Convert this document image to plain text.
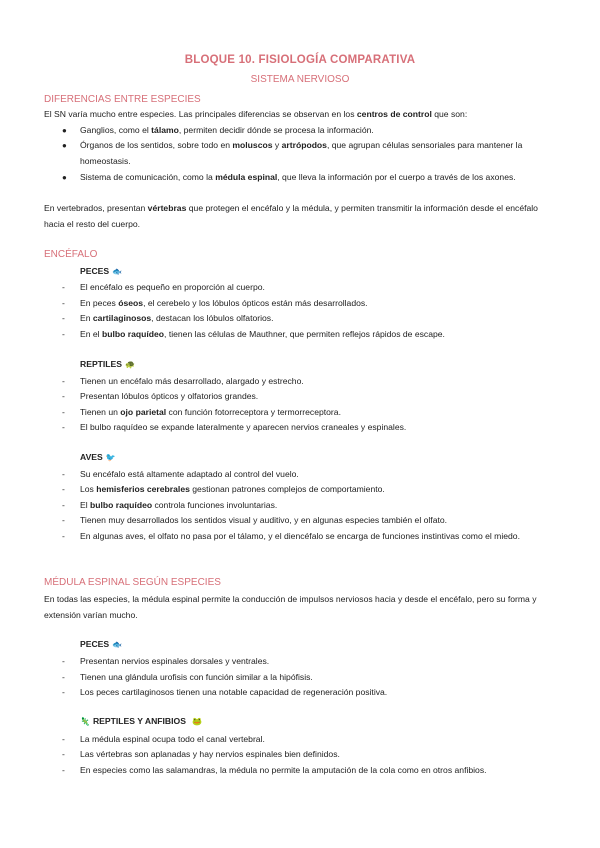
BLOQUE 10. FISIOLOGÍA COMPARATIVA
SISTEMA NERVIOSO
DIFERENCIAS ENTRE ESPECIES
El SN varía mucho entre especies. Las principales diferencias se observan en los centros de control que son:
● Ganglios, como el tálamo, permiten decidir dónde se procesa la información.
● Órganos de los sentidos, sobre todo en moluscos y artrópodos, que agrupan células sensoriales para mantener la homeostasis.
● Sistema de comunicación, como la médula espinal, que lleva la información por el cuerpo a través de los axones.
En vertebrados, presentan vértebras que protegen el encéfalo y la médula, y permiten transmitir la información desde el encéfalo hacia el resto del cuerpo.
ENCÉFALO
PECES 🐟
- El encéfalo es pequeño en proporción al cuerpo.
- En peces óseos, el cerebelo y los lóbulos ópticos están más desarrollados.
- En cartilaginosos, destacan los lóbulos olfatorios.
- En el bulbo raquídeo, tienen las células de Mauthner, que permiten reflejos rápidos de escape.
REPTILES 🐢
- Tienen un encéfalo más desarrollado, alargado y estrecho.
- Presentan lóbulos ópticos y olfatorios grandes.
- Tienen un ojo parietal con función fotorreceptora y termorreceptora.
- El bulbo raquídeo se expande lateralmente y aparecen nervios craneales y espinales.
AVES 🐦
- Su encéfalo está altamente adaptado al control del vuelo.
- Los hemisferios cerebrales gestionan patrones complejos de comportamiento.
- El bulbo raquídeo controla funciones involuntarias.
- Tienen muy desarrollados los sentidos visual y auditivo, y en algunas especies también el olfato.
- En algunas aves, el olfato no pasa por el tálamo, y el diencéfalo se encarga de funciones instintivas como el miedo.
MÉDULA ESPINAL SEGÚN ESPECIES
En todas las especies, la médula espinal permite la conducción de impulsos nerviosos hacia y desde el encéfalo, pero su forma y extensión varían mucho.
PECES 🐟
- Presentan nervios espinales dorsales y ventrales.
- Tienen una glándula urofisis con función similar a la hipófisis.
- Los peces cartilaginosos tienen una notable capacidad de regeneración positiva.
🦎 REPTILES Y ANFIBIOS 🐸
- La médula espinal ocupa todo el canal vertebral.
- Las vértebras son aplanadas y hay nervios espinales bien definidos.
- En especies como las salamandras, la médula no permite la amputación de la cola como en otros anfibios.
